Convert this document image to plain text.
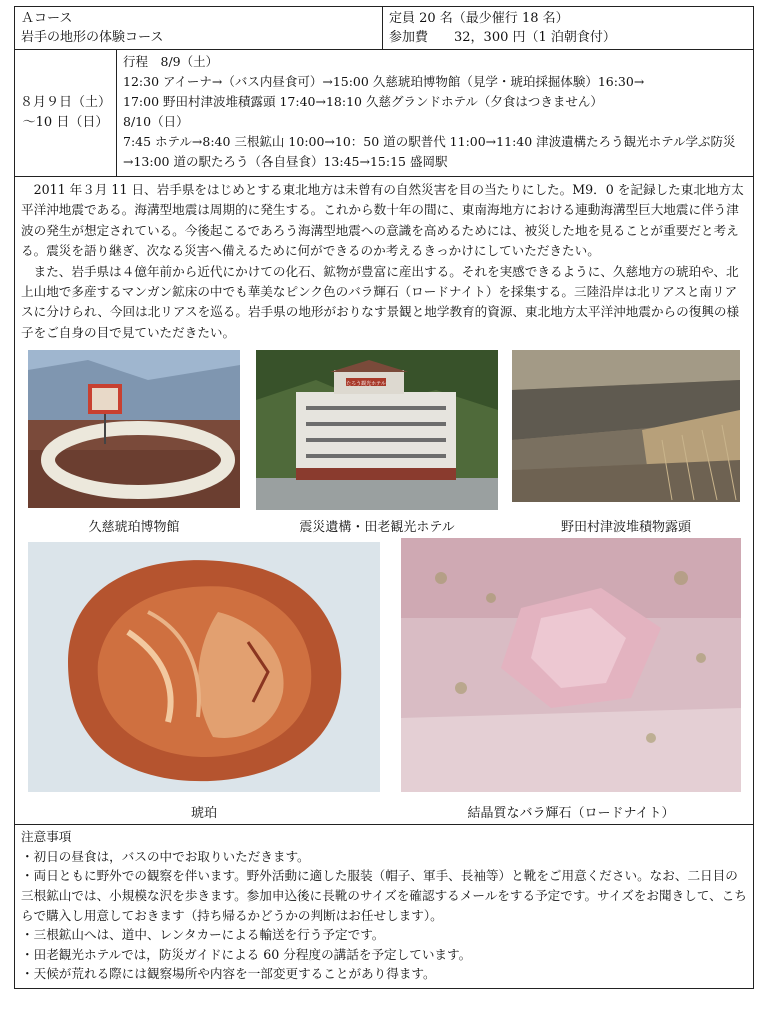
Ａコース
岩手の地形の体験コース
定員 20 名（最少催行 18 名）
参加費　　32，300 円（1 泊朝食付）
８月９日（土）
～10 日（日）
行程　8/9（土）
12:30 アイーナ→（バス内昼食可）→15:00 久慈琥珀博物館（見学・琥珀採掘体験）16:30→
17:00 野田村津波堆積露頭 17:40→18:10 久慈グランドホテル（夕食はつきません）
8/10（日）
7:45 ホテル→8:40 三根鉱山 10:00→10：50 道の駅普代 11:00→11:40 津波遺構たろう観光ホテル学ぶ防災→13:00 道の駅たろう（各自昼食）13:45→15:15 盛岡駅

2011 年３月 11 日、岩手県をはじめとする東北地方は未曾有の自然災害を目の当たりにした。M9．0 を記録した東北地方太平洋沖地震である。海溝型地震は周期的に発生する。これから数十年の間に、東南海地方における連動海溝型巨大地震に伴う津波の発生が想定されている。今後起こるであろう海溝型地震への意識を高めるためには、被災した地を見ることが重要だと考える。震災を語り継ぎ、次なる災害へ備えるために何ができるのか考えるきっかけにしていただきたい。

また、岩手県は４億年前から近代にかけての化石、鉱物が豊富に産出する。それを実感できるように、久慈地方の琥珀や、北上山地で多産するマンガン鉱床の中でも華美なピンク色のバラ輝石（ロードナイト）を採集する。三陸沿岸は北リアスと南リアスに分けられ、今回は北リアスを巡る。岩手県の地形がおりなす景観と地学教育的資源、東北地方太平洋沖地震からの復興の様子をご自身の目で見ていただきたい。

久慈琥珀博物館
たろう観光ホテル
震災遺構・田老観光ホテル	野田村津波堆積物露頭
琥珀	結晶質なバラ輝石（ロードナイト）
注意事項
・初日の昼食は，バスの中でお取りいただきます。
・両日ともに野外での観察を伴います。野外活動に適した服装（帽子、軍手、長袖等）と靴をご用意ください。なお、二日目の三根鉱山では、小規模な沢を歩きます。参加申込後に長靴のサイズを確認するメールをする予定です。サイズをお聞きして、こちらで購入し用意しておきます（持ち帰るかどうかの判断はお任せします）。
・三根鉱山へは、道中、レンタカーによる輸送を行う予定です。
・田老観光ホテルでは，防災ガイドによる 60 分程度の講話を予定しています。
・天候が荒れる際には観察場所や内容を一部変更することがあり得ます。
